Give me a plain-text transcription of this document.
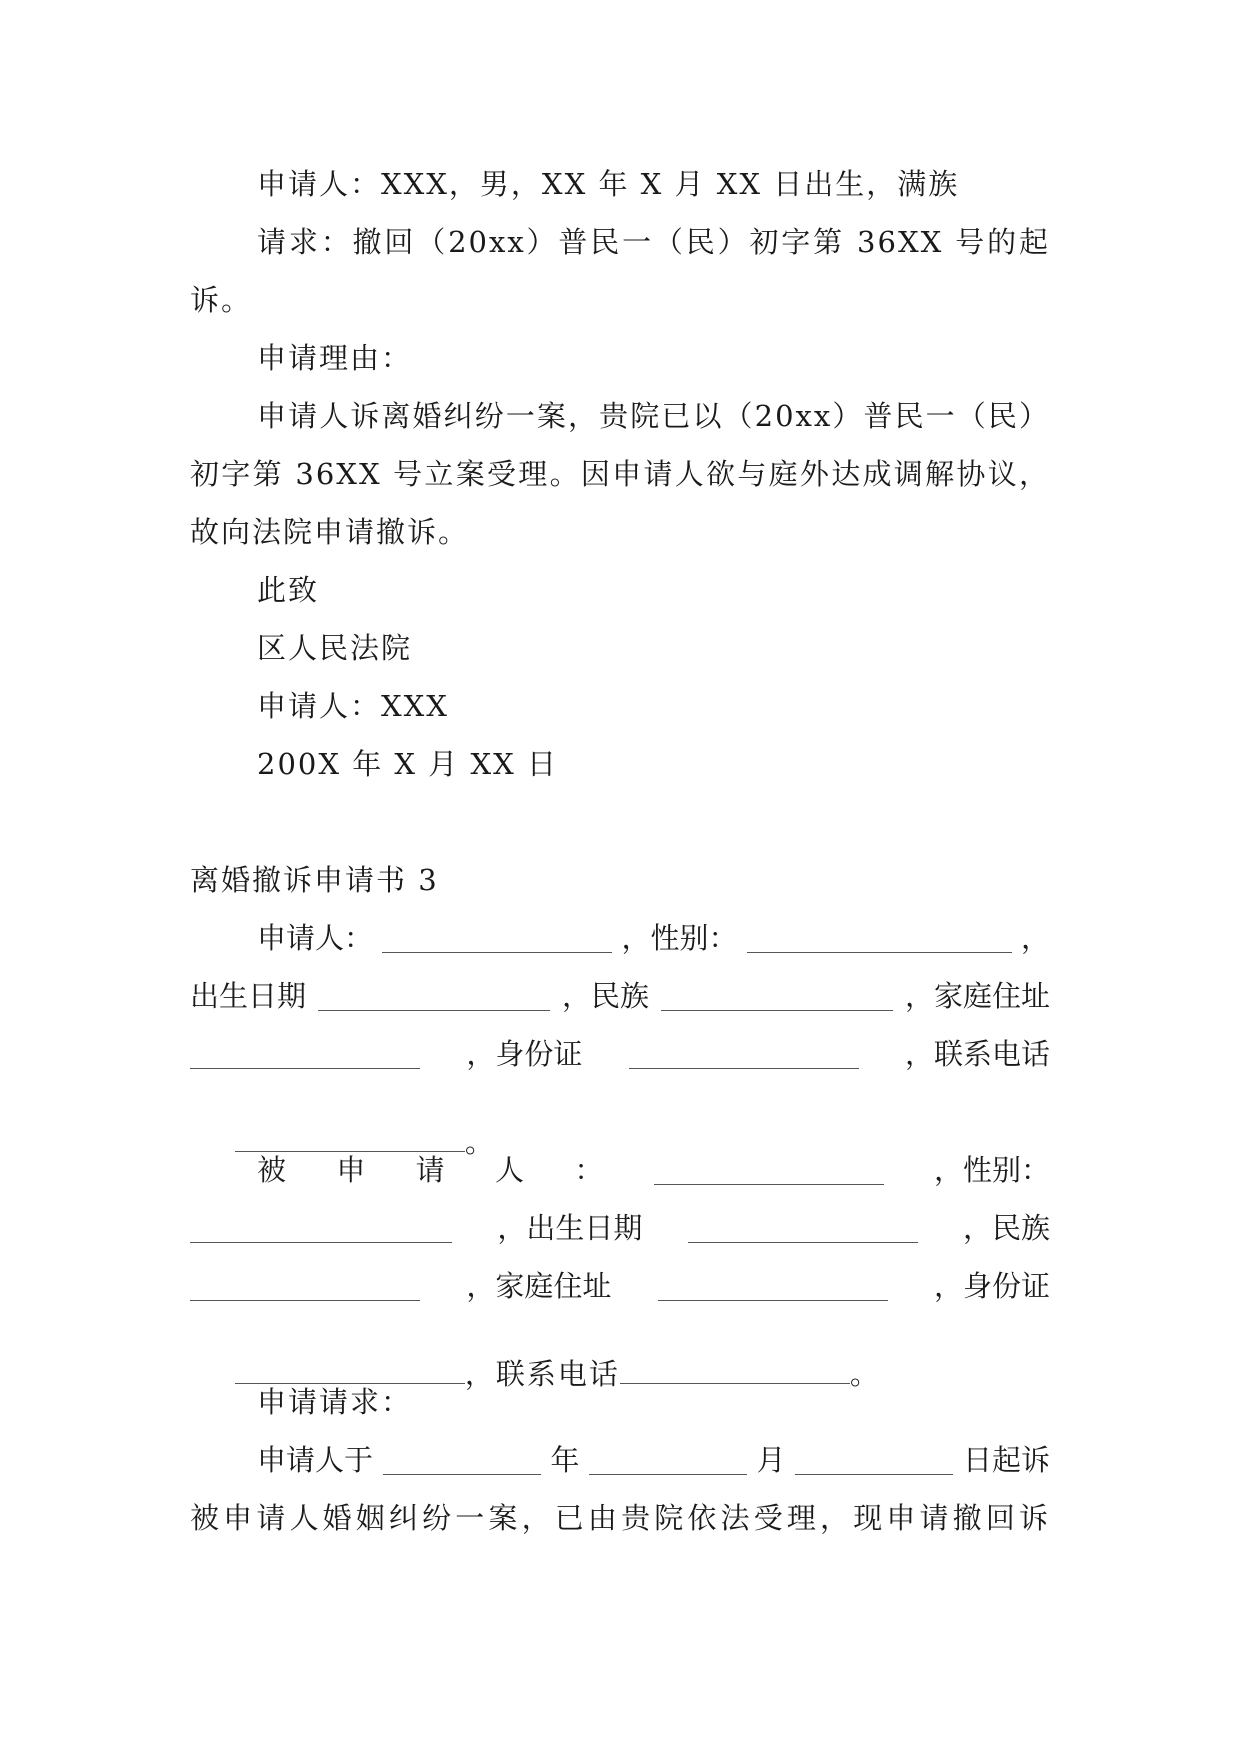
申请人：XXX，男，XX 年 X 月 XX 日出生，满族
请求：撤回（20xx）普民一（民）初字第 36XX 号的起
诉。
申请理由：
申请人诉离婚纠纷一案，贵院已以（20xx）普民一（民）
初字第 36XX 号立案受理。因申请人欲与庭外达成调解协议，
故向法院申请撤诉。
此致
区人民法院
申请人：XXX
200X 年 X 月 XX 日
离婚撤诉申请书 3
申请人：	，性别：	，
出生日期	，民族	，家庭住址
，身份证	，联系电话

。

被 申 请 人 ：	，性别：
，出生日期	，民族
，家庭住址	，身份证

，联系电话	。

申请请求：
申请人于	年	月	日起诉
被申请人婚姻纠纷一案，已由贵院依法受理，现申请撤回诉
